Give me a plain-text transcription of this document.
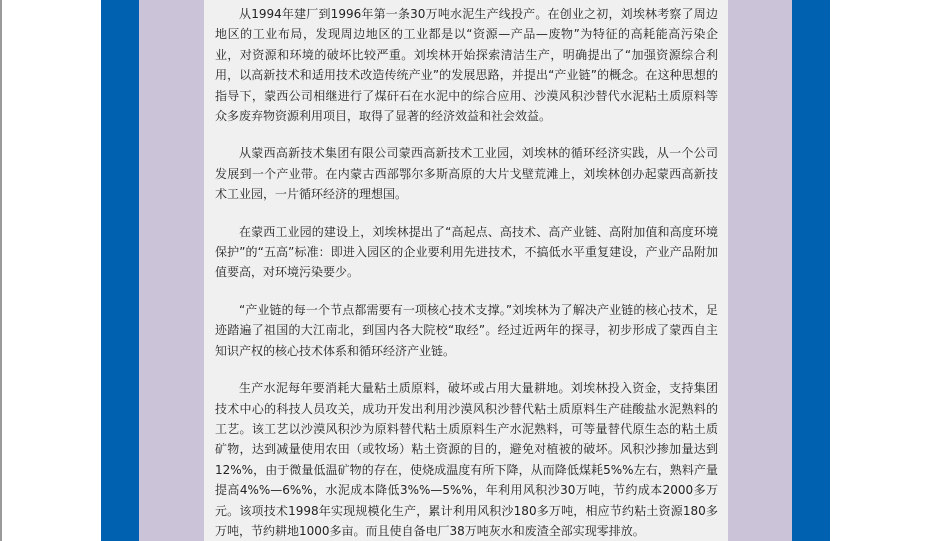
从1994年建厂到1996年第一条30万吨水泥生产线投产。在创业之初，刘埃林考察了周边地区的工业布局，发现周边地区的工业都是以“资源—产品—废物”为特征的高耗能高污染企业，对资源和环境的破坏比较严重。刘埃林开始探索清洁生产，明确提出了“加强资源综合利用，以高新技术和适用技术改造传统产业”的发展思路，并提出“产业链”的概念。在这种思想的指导下，蒙西公司相继进行了煤矸石在水泥中的综合应用、沙漠风积沙替代水泥粘土质原料等众多废弃物资源利用项目，取得了显著的经济效益和社会效益。

从蒙西高新技术集团有限公司蒙西高新技术工业园，刘埃林的循环经济实践，从一个公司发展到一个产业带。在内蒙古西部鄂尔多斯高原的大片戈壁荒滩上，刘埃林创办起蒙西高新技术工业园，一片循环经济的理想国。

在蒙西工业园的建设上，刘埃林提出了“高起点、高技术、高产业链、高附加值和高度环境保护”的“五高”标准：即进入园区的企业要利用先进技术，不搞低水平重复建设，产业产品附加值要高，对环境污染要少。

“产业链的每一个节点都需要有一项核心技术支撑。”刘埃林为了解决产业链的核心技术，足迹踏遍了祖国的大江南北，到国内各大院校“取经”。经过近两年的探寻，初步形成了蒙西自主知识产权的核心技术体系和循环经济产业链。

生产水泥每年要消耗大量粘土质原料，破坏或占用大量耕地。刘埃林投入资金，支持集团技术中心的科技人员攻关，成功开发出利用沙漠风积沙替代粘土质原料生产硅酸盐水泥熟料的工艺。该工艺以沙漠风积沙为原料替代粘土质原料生产水泥熟料，可等量替代原生态的粘土质矿物，达到减量使用农田（或牧场）粘土资源的目的，避免对植被的破坏。风积沙掺加量达到12%%，由于微量低温矿物的存在，使烧成温度有所下降，从而降低煤耗5%%左右，熟料产量提高4%%—6%%，水泥成本降低3%%—5%%，年利用风积沙30万吨，节约成本2000多万元。该项技术1998年实现规模化生产，累计利用风积沙180多万吨，相应节约粘土资源180多万吨，节约耕地1000多亩。而且使自备电厂38万吨灰水和废渣全部实现零排放。
